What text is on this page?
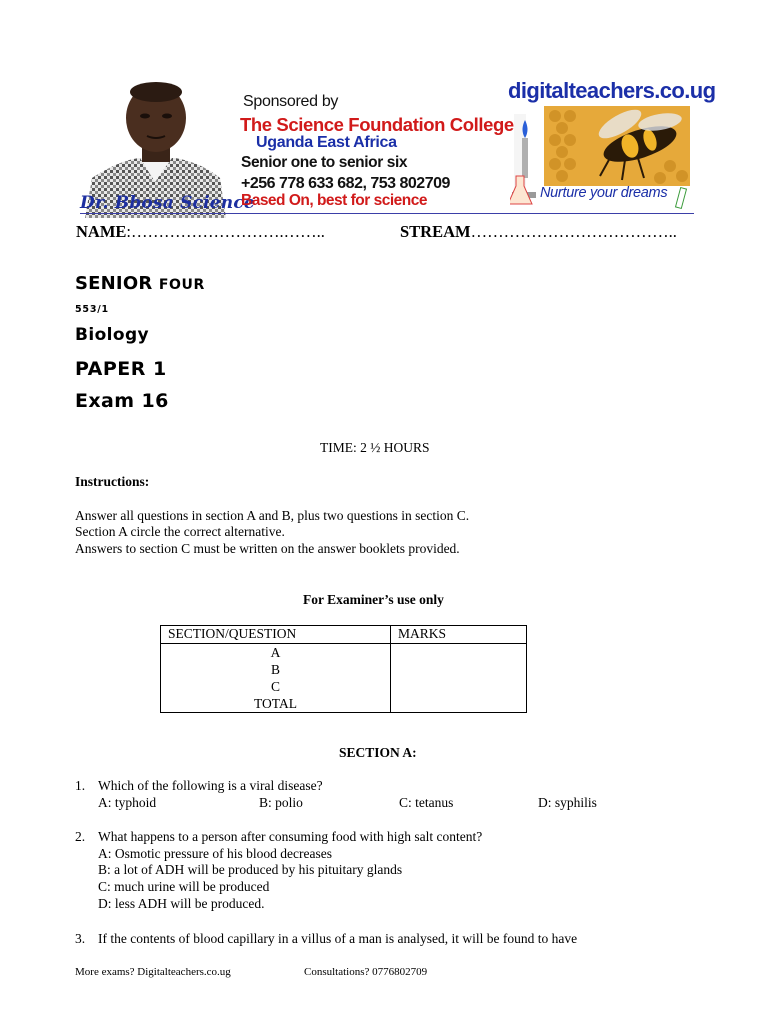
Dr. Bbosa Science
Sponsored by
The Science Foundation College
Uganda East Africa
Senior one to senior six
+256 778 633 682, 753 802709
Based On, best for science
digitalteachers.co.ug
Nurture your dreams
NAME:……………………….……..	STREAM………………………………..
SENIOR FOUR
553/1
Biology
PAPER 1
Exam 16
TIME: 2 ½ HOURS
Instructions:
Answer all questions in section A and B, plus two questions in section C.
Section A circle the correct alternative.
Answers to section C must be written on the answer booklets provided.
For Examiner’s use only
SECTION/QUESTION	MARKS

A
B
C
TOTAL	

SECTION A:
1. Which of the following is a viral disease?
A: typhoid	B: polio	C: tetanus	D: syphilis
2. What happens to a person after consuming food with high salt content?
A: Osmotic pressure of his blood decreases
B: a lot of ADH will be produced by his pituitary glands
C: much urine will be produced
D: less ADH will be produced.
3. If the contents of blood capillary in a villus of a man is analysed, it will be found to have
More exams? Digitalteachers.co.ug	Consultations? 0776802709
